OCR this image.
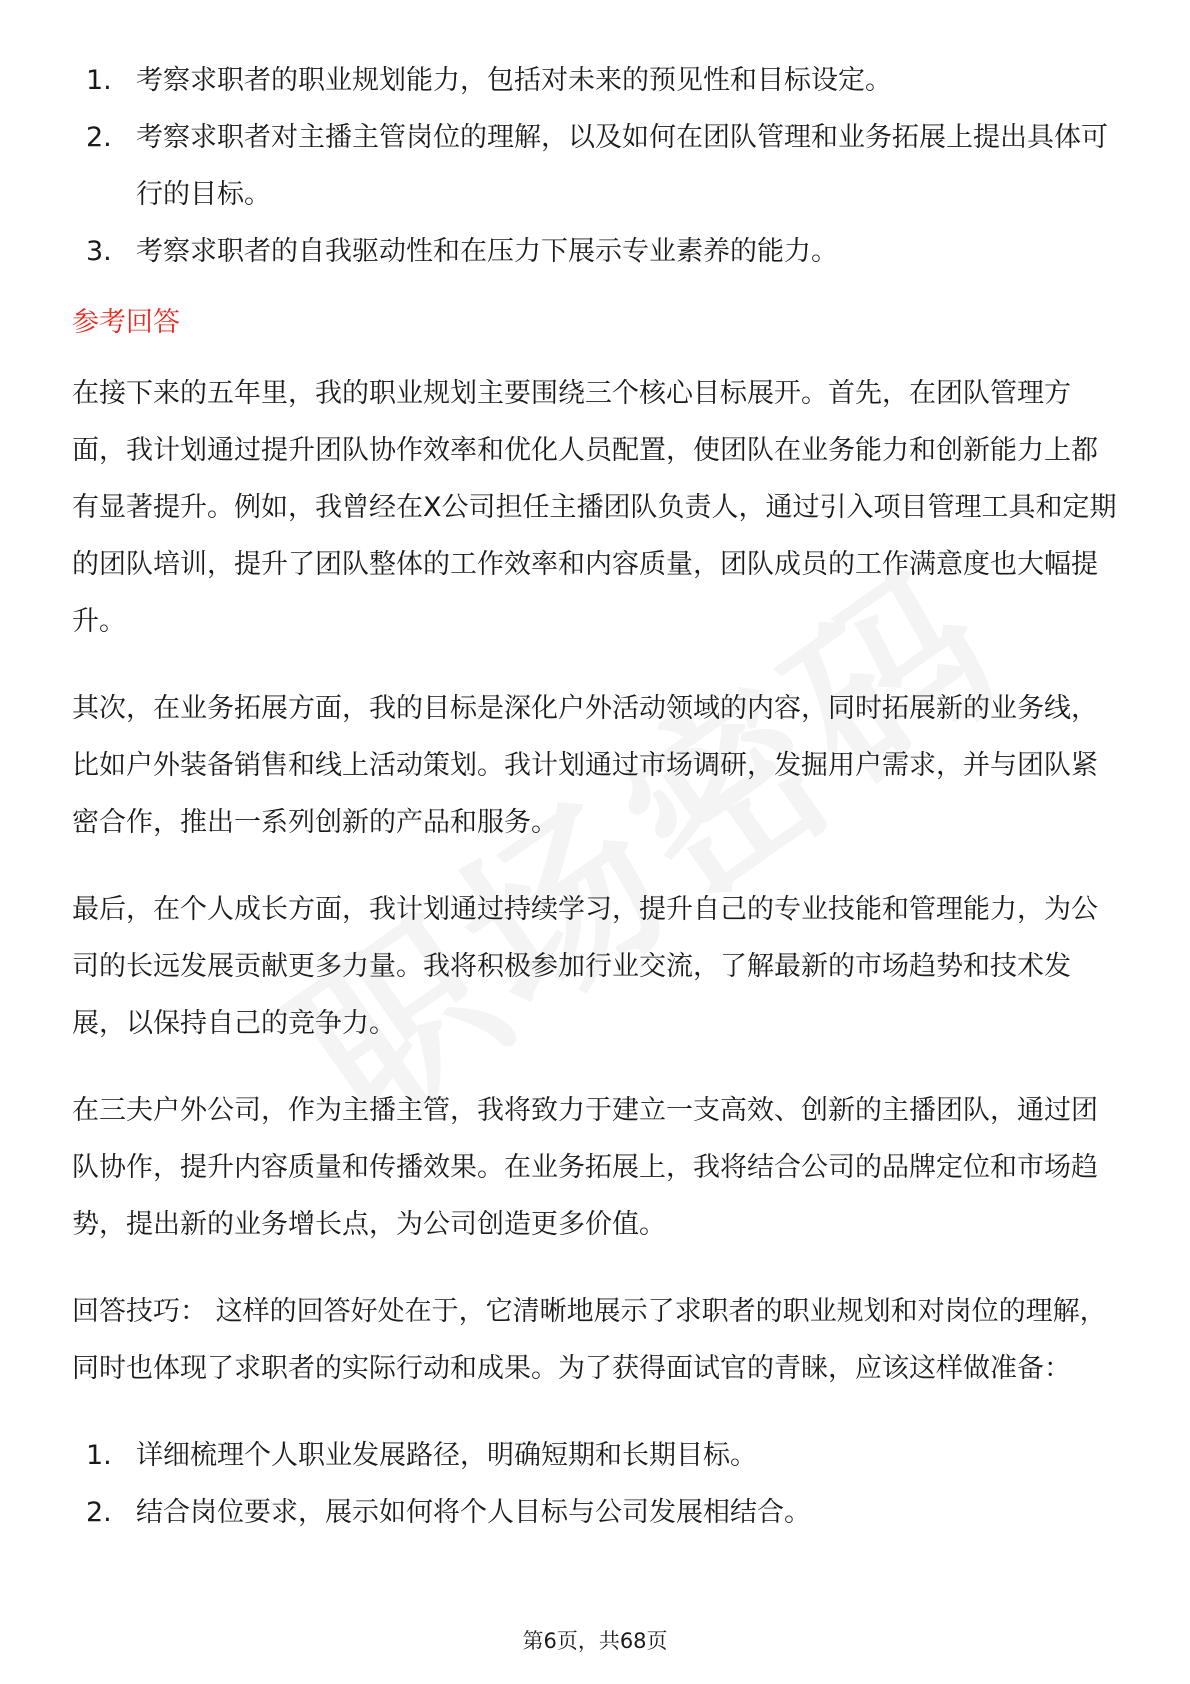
1. 考察求职者的职业规划能力，包括对未来的预见性和目标设定。
2. 考察求职者对主播主管岗位的理解，以及如何在团队管理和业务拓展上提出具体可行的目标。
3. 考察求职者的自我驱动性和在压力下展示专业素养的能力。

参考回答

在接下来的五年里，我的职业规划主要围绕三个核心目标展开。首先，在团队管理方面，我计划通过提升团队协作效率和优化人员配置，使团队在业务能力和创新能力上都有显著提升。例如，我曾经在X公司担任主播团队负责人，通过引入项目管理工具和定期的团队培训，提升了团队整体的工作效率和内容质量，团队成员的工作满意度也大幅提升。

其次，在业务拓展方面，我的目标是深化户外活动领域的内容，同时拓展新的业务线，比如户外装备销售和线上活动策划。我计划通过市场调研，发掘用户需求，并与团队紧密合作，推出一系列创新的产品和服务。

最后，在个人成长方面，我计划通过持续学习，提升自己的专业技能和管理能力，为公司的长远发展贡献更多力量。我将积极参加行业交流，了解最新的市场趋势和技术发展，以保持自己的竞争力。

在三夫户外公司，作为主播主管，我将致力于建立一支高效、创新的主播团队，通过团队协作，提升内容质量和传播效果。在业务拓展上，我将结合公司的品牌定位和市场趋势，提出新的业务增长点，为公司创造更多价值。

回答技巧： 这样的回答好处在于，它清晰地展示了求职者的职业规划和对岗位的理解，同时也体现了求职者的实际行动和成果。为了获得面试官的青睐，应该这样做准备：

1. 详细梳理个人职业发展路径，明确短期和长期目标。
2. 结合岗位要求，展示如何将个人目标与公司发展相结合。
第6页，共68页
